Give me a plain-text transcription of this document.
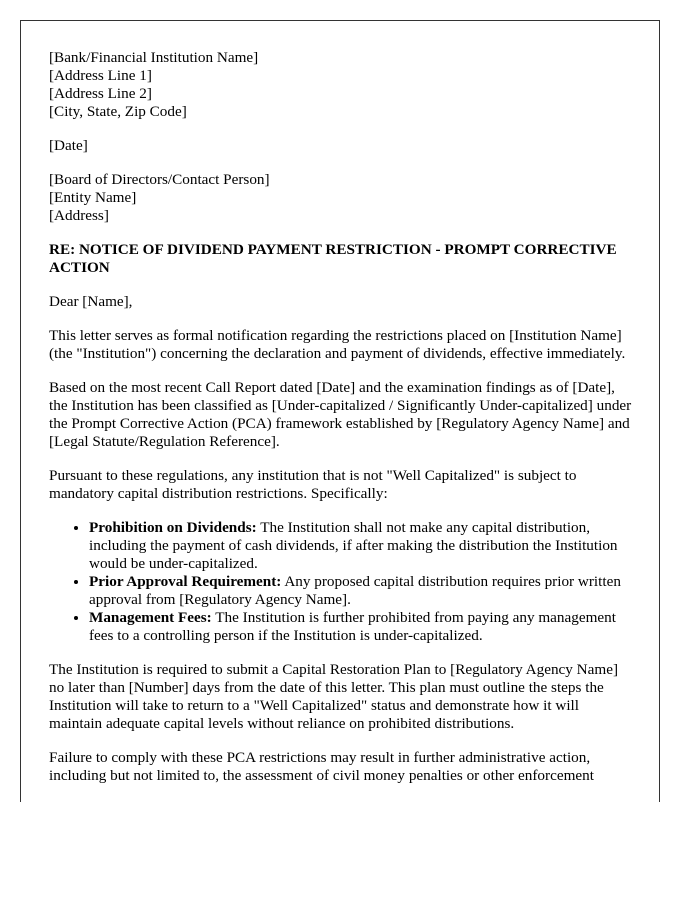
[Bank/Financial Institution Name]
[Address Line 1]
[Address Line 2]
[City, State, Zip Code]
[Date]
[Board of Directors/Contact Person]
[Entity Name]
[Address]
RE: NOTICE OF DIVIDEND PAYMENT RESTRICTION - PROMPT CORRECTIVE ACTION

Dear [Name],

This letter serves as formal notification regarding the restrictions placed on [Institution Name] (the "Institution") concerning the declaration and payment of dividends, effective immediately.

Based on the most recent Call Report dated [Date] and the examination findings as of [Date], the Institution has been classified as [Under-capitalized / Significantly Under-capitalized] under the Prompt Corrective Action (PCA) framework established by [Regulatory Agency Name] and [Legal Statute/Regulation Reference].

Pursuant to these regulations, any institution that is not "Well Capitalized" is subject to mandatory capital distribution restrictions. Specifically:

• Prohibition on Dividends: The Institution shall not make any capital distribution, including the payment of cash dividends, if after making the distribution the Institution would be under-capitalized.
• Prior Approval Requirement: Any proposed capital distribution requires prior written approval from [Regulatory Agency Name].
• Management Fees: The Institution is further prohibited from paying any management fees to a controlling person if the Institution is under-capitalized.

The Institution is required to submit a Capital Restoration Plan to [Regulatory Agency Name] no later than [Number] days from the date of this letter. This plan must outline the steps the Institution will take to return to a "Well Capitalized" status and demonstrate how it will maintain adequate capital levels without reliance on prohibited distributions.

Failure to comply with these PCA restrictions may result in further administrative action, including but not limited to, the assessment of civil money penalties or other enforcement
